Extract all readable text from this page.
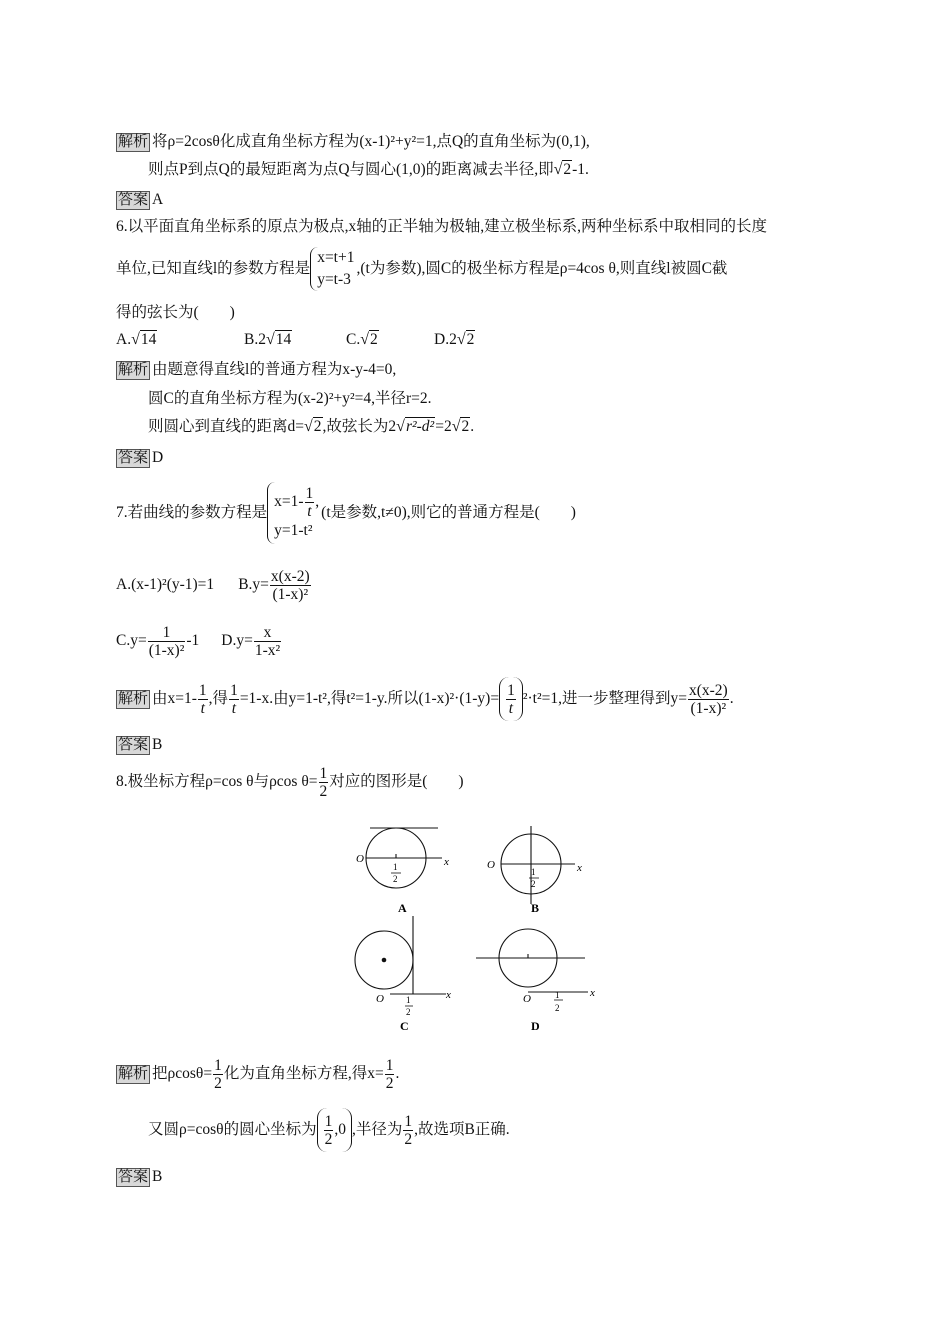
解析 将ρ=2cosθ化成直角坐标方程为(x-1)²+y²=1,点Q的直角坐标为(0,1),
则点P到点Q的最短距离为点Q与圆心(1,0)的距离减去半径,即√2-1.
答案 A
6.以平面直角坐标系的原点为极点,x轴的正半轴为极轴,建立极坐标系,两种坐标系中取相同的长度
单位,已知直线l的参数方程是
x=t+1
y=t-3
,(t为参数),圆C的极坐标方程是ρ=4cos θ,则直线l被圆C截
得的弦长为(　　)
A.√14	B.2√14	C.√2	D.2√2
解析 由题意得直线l的普通方程为x-y-4=0,
圆C的直角坐标方程为(x-2)²+y²=4,半径r=2.
则圆心到直线的距离d=√2,故弦长为2√r²-d²=2√2.
答案 D
7.若曲线的参数方程是
$x=1- \frac{1}{t}$ ,
y=1-t²
(t是参数,t≠0),则它的普通方程是(　　)
A.(x-1)²(y-1)=1 $B.y= \frac{x(x-2)}{\text{(1-x)²}}$
$C.y= \frac{1}{\text{(1-x)²}} -1$ $D.y= \frac{x}{\text{1-x²}}$
解析 由$x=1- \frac{1}{t}$ ,得 $\frac{1}{t} =1-x$.由y=1-t²,得t²=1-y.所以$(1-x)^2\cdot(1-y)= \frac{1}{t} ^2\cdot t^2=1$,进一步整理得到$y= \frac{x(x-2)}{\text{(1-x)²}}$ .
答案 B
8.极坐标方程ρ=cos θ与ρcos $\theta= \frac{1}{2}$ 对应的图形是(　　)
O	x
1
2
A
O	x
1
2
B
O	x
1
2
C
O	x
1
2
D
解析 把$\rho\cos\theta= \frac{1}{2}$ 化为直角坐标方程,得$x= \frac{1}{2}$ .
又圆ρ=cosθ的圆心坐标为 $\frac{1}{2} ,0$ ,半径为 $\frac{1}{2}$ ,故选项B正确.
答案 B
